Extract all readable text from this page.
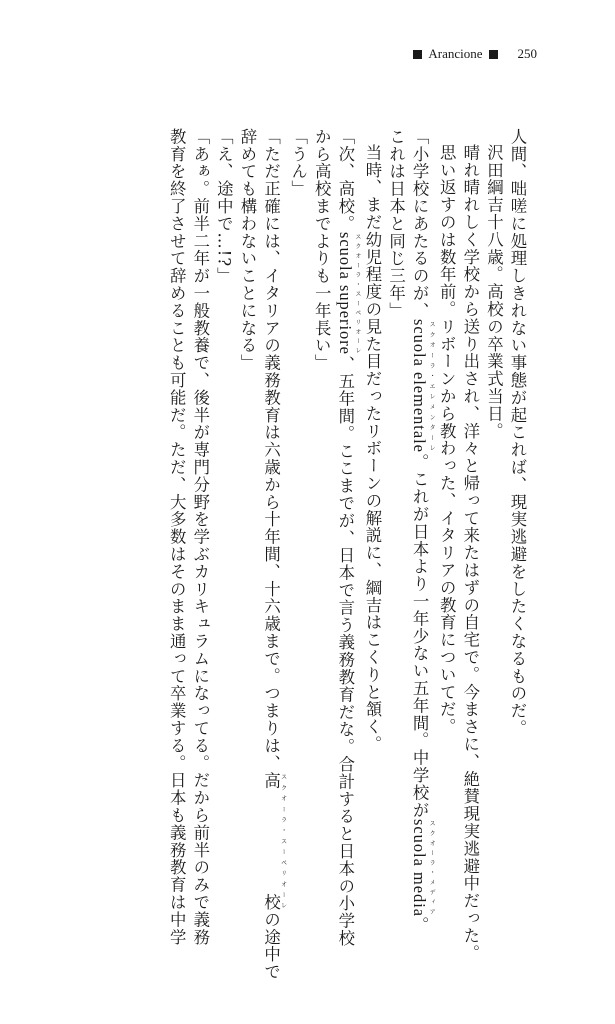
Arancione	250

人間、咄嗟に処理しきれない事態が起これば、現実逃避をしたくなるものだ。

沢田綱吉十八歳。高校の卒業式当日。

晴れ晴れしく学校から送り出され、洋々と帰って来たはずの自宅で。今まさに、絶賛現実逃避中だった。

思い返すのは数年前。リボーンから教わった、イタリアの教育についてだ。

「小学校にあたるのが、scuola elementale スクオーラ・エレメンターレ。これが日本より一年少ない五年間。中学校がscuola media スクオーラ・メディア。

これは日本と同じ三年」

当時、まだ幼児程度の見た目だったリボーンの解説に、綱吉はこくりと頷く。

「次、高校。scuola superiore スクオーラ・スーペリオーレ、五年間。ここまでが、日本で言う義務教育だな。合計すると日本の小学校

から高校までよりも一年長い」

「うん」

「ただ正確には、イタリアの義務教育は六歳から十年間、十六歳まで。つまりは、高　　　　　　校 スクオーラ・スーペリオーレの途中で

辞めても構わないことになる」

「え、途中で…!?」

「あぁ。前半二年が一般教養で、後半が専門分野を学ぶカリキュラムになってる。だから前半のみで義務

教育を終了させて辞めることも可能だ。ただ、大多数はそのまま通って卒業する。日本も義務教育は中学
